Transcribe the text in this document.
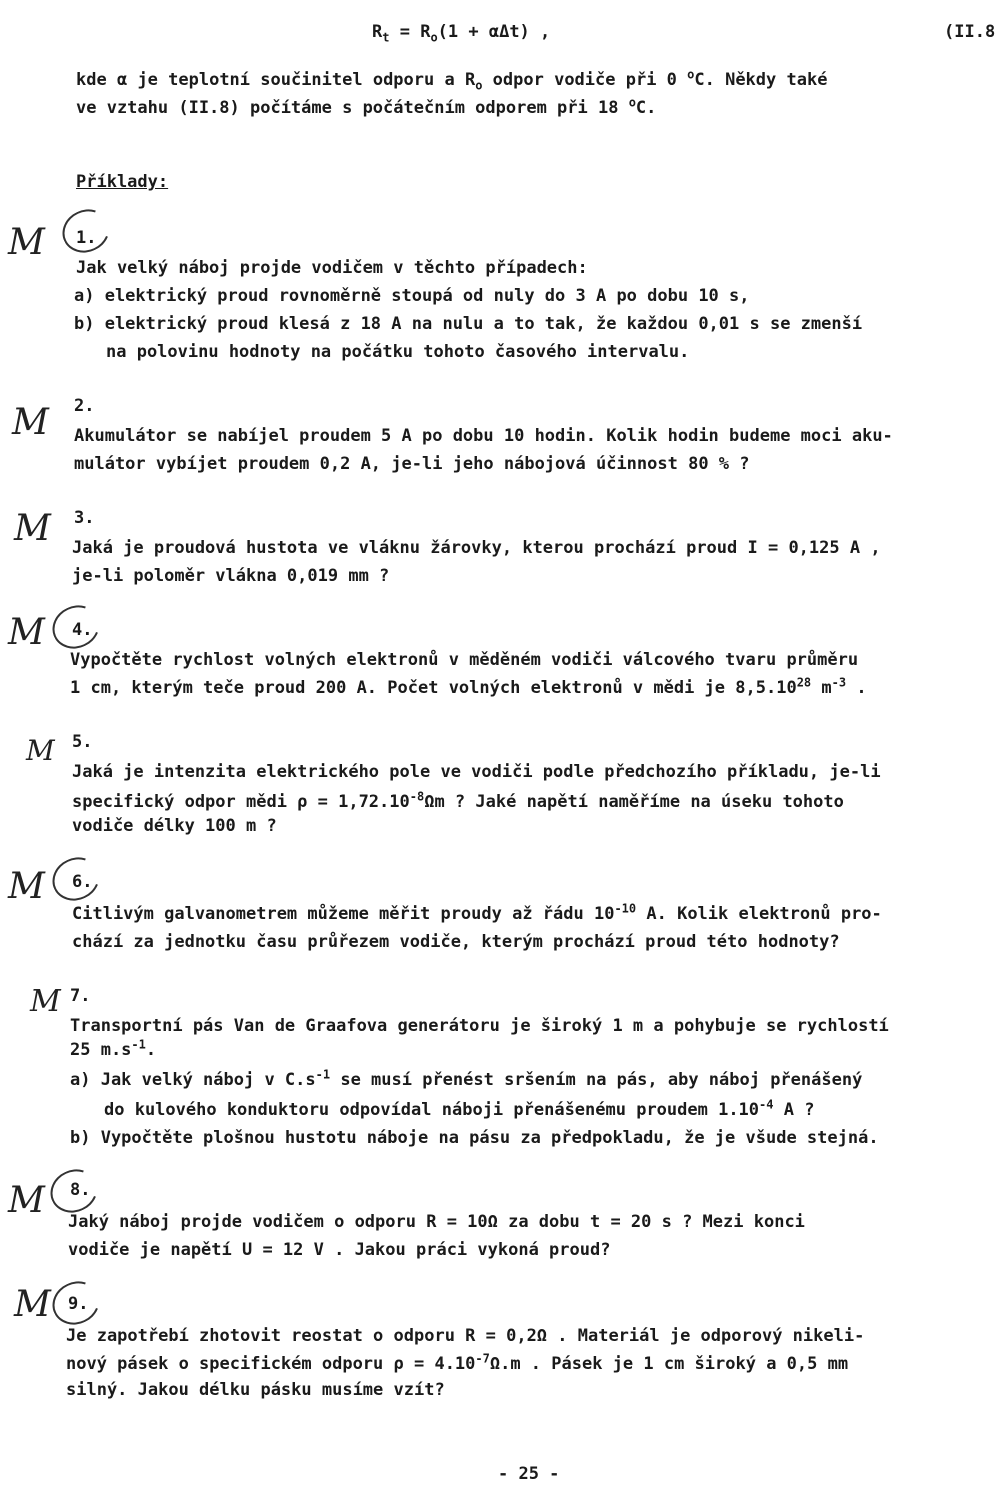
$R_t = R_o(1 + \alpha\Delta t)$ ,	(II.8
kde α je teplotní součinitel odporu a $R_o$ odpor vodiče při 0 $^o$C. Někdy také
ve vztahu (II.8) počítáme s počátečním odporem při 18 $^o$C.
Příklady:
M
M
M
M
M
M
M
M
M
1.
Jak velký náboj projde vodičem v těchto případech:
a) elektrický proud rovnoměrně stoupá od nuly do 3 A po dobu 10 s,
b) elektrický proud klesá z 18 A na nulu a to tak, že každou 0,01 s se zmenší
na polovinu hodnoty na počátku tohoto časového intervalu.
2.
Akumulátor se nabíjel proudem 5 A po dobu 10 hodin. Kolik hodin budeme moci aku-
mulátor vybíjet proudem 0,2 A, je-li jeho nábojová účinnost 80 % ?
3.
Jaká je proudová hustota ve vláknu žárovky, kterou prochází proud I = 0,125 A ,
je-li poloměr vlákna 0,019 mm ?
4.
Vypočtěte rychlost volných elektronů v měděném vodiči válcového tvaru průměru
1 cm, kterým teče proud 200 A. Počet volných elektronů v mědi je 8,5.10$^{28}$ $m^{-3}$ .
5.
Jaká je intenzita elektrického pole ve vodiči podle předchozího příkladu, je-li
specifický odpor mědi $\rho = 1,72.10^{-8}\Omega m$ ? Jaké napětí naměříme na úseku tohoto
vodiče délky 100 m ?
6.
Citlivým galvanometrem můžeme měřit proudy až řádu $10^{-10}$ A. Kolik elektronů pro-
chází za jednotku času průřezem vodiče, kterým prochází proud této hodnoty?
7.
Transportní pás Van de Graafova generátoru je široký 1 m a pohybuje se rychlostí
25 $m.s^{-1}$.
a) Jak velký náboj v $C.s^{-1}$ se musí přenést sršením na pás, aby náboj přenášený
do kulového konduktoru odpovídal náboji přenášenému proudem $1.10^{-4}$ A ?
b) Vypočtěte plošnou hustotu náboje na pásu za předpokladu, že je všude stejná.
8.
Jaký náboj projde vodičem o odporu R = 10Ω za dobu t = 20 s ? Mezi konci
vodiče je napětí U = 12 V . Jakou práci vykoná proud?
9.
Je zapotřebí zhotovit reostat o odporu R = 0,2Ω . Materiál je odporový nikeli-
nový pásek o specifickém odporu $\rho = 4.10^{-7}\Omega.m$ . Pásek je 1 cm široký a 0,5 mm
silný. Jakou délku pásku musíme vzít?
- 25 -
